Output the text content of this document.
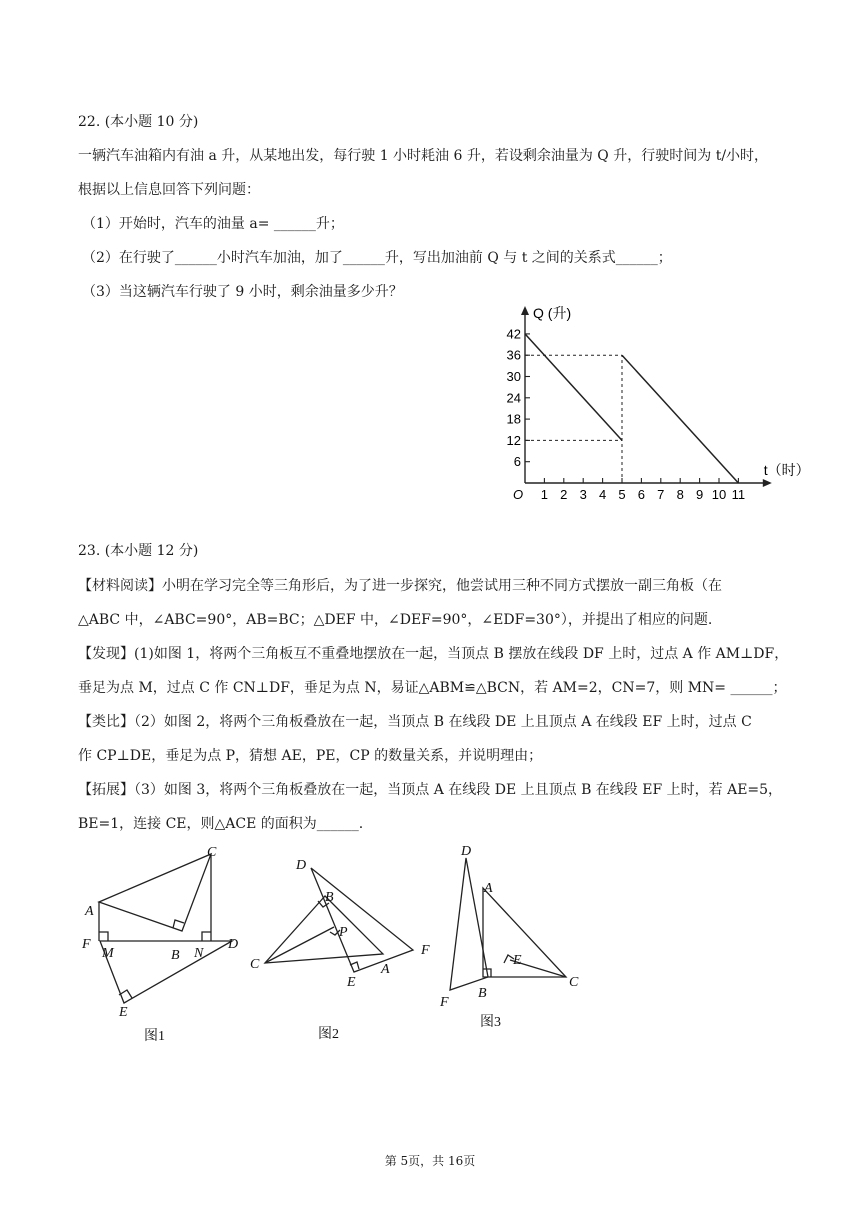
22. (本小题 10 分)
一辆汽车油箱内有油 a 升，从某地出发，每行驶 1 小时耗油 6 升，若设剩余油量为 Q 升，行驶时间为 t/小时，
根据以上信息回答下列问题：
（1）开始时，汽车的油量 a= ______升；
（2）在行驶了______小时汽车加油，加了______升，写出加油前 Q 与 t 之间的关系式______；
（3）当这辆汽车行驶了 9 小时，剩余油量多少升？
6
12
18
24
30
36
42
1 2 3 4 5 6 7 8 9 10 11
O
Q (升)
t（时）
23. (本小题 12 分)
【材料阅读】小明在学习完全等三角形后，为了进一步探究，他尝试用三种不同方式摆放一副三角板（在
△ABC 中，∠ABC=90°，AB=BC；△DEF 中，∠DEF=90°，∠EDF=30°），并提出了相应的问题.
【发现】(1)如图 1，将两个三角板互不重叠地摆放在一起，当顶点 B 摆放在线段 DF 上时，过点 A 作 AM⊥DF，
垂足为点 M，过点 C 作 CN⊥DF，垂足为点 N，易证△ABM≌△BCN，若 AM=2，CN=7，则 MN= ______；
【类比】（2）如图 2，将两个三角板叠放在一起，当顶点 B 在线段 DE 上且顶点 A 在线段 EF 上时，过点 C
作 CP⊥DE，垂足为点 P，猜想 AE，PE，CP 的数量关系，并说明理由；
【拓展】（3）如图 3，将两个三角板叠放在一起，当顶点 A 在线段 DE 上且顶点 B 在线段 EF 上时，若 AE=5，
BE=1，连接 CE，则△ACE 的面积为______.
A
B
C
D
E
F
M	N
图1
A
B
C
D
E
F
P
图2
A
B
C
D
E
F
图3
第 5页，共 16页
